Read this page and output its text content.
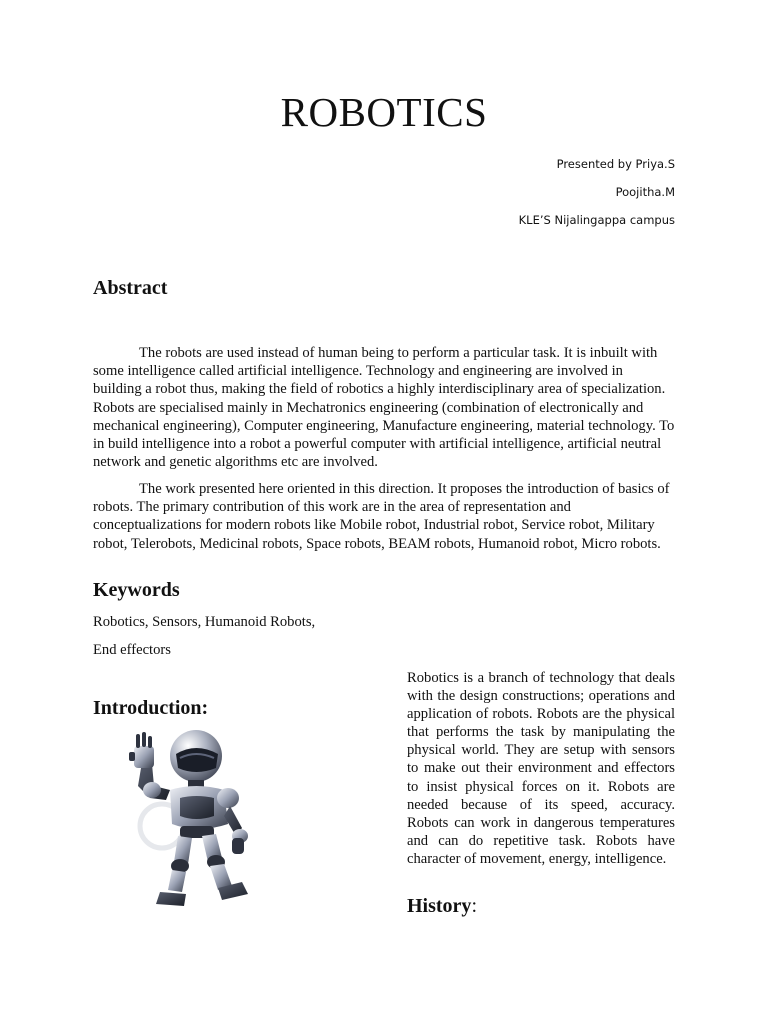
ROBOTICS
Presented by Priya.S
Poojitha.M
KLE’S Nijalingappa campus
Abstract

The robots are used instead of human being to perform a particular task. It is inbuilt with some intelligence called artificial intelligence. Technology and engineering are involved in building a robot thus, making the field of robotics a highly interdisciplinary area of specialization. Robots are specialised mainly in Mechatronics engineering (combination of electronically and mechanical engineering), Computer engineering, Manufacture engineering, material technology. To in build intelligence into a robot a powerful computer with artificial intelligence, artificial neutral network and genetic algorithms etc are involved.

The work presented here oriented in this direction. It proposes the introduction of basics of robots. The primary contribution of this work are in the area of representation and conceptualizations for modern robots like Mobile robot, Industrial robot, Service robot, Military robot, Telerobots, Medicinal robots, Space robots, BEAM robots, Humanoid robot, Micro robots.

Keywords

Robotics, Sensors, Humanoid Robots,

End effectors

Introduction:

Robotics is a branch of technology that deals with the design constructions; operations and application of robots. Robots are the physical that performs the task by manipulating the physical world. They are setup with sensors to make out their environment and effectors to insist physical forces on it. Robots are needed because of its speed, accuracy. Robots can work in dangerous temperatures and can do repetitive task. Robots have character of movement, energy, intelligence.

History:
